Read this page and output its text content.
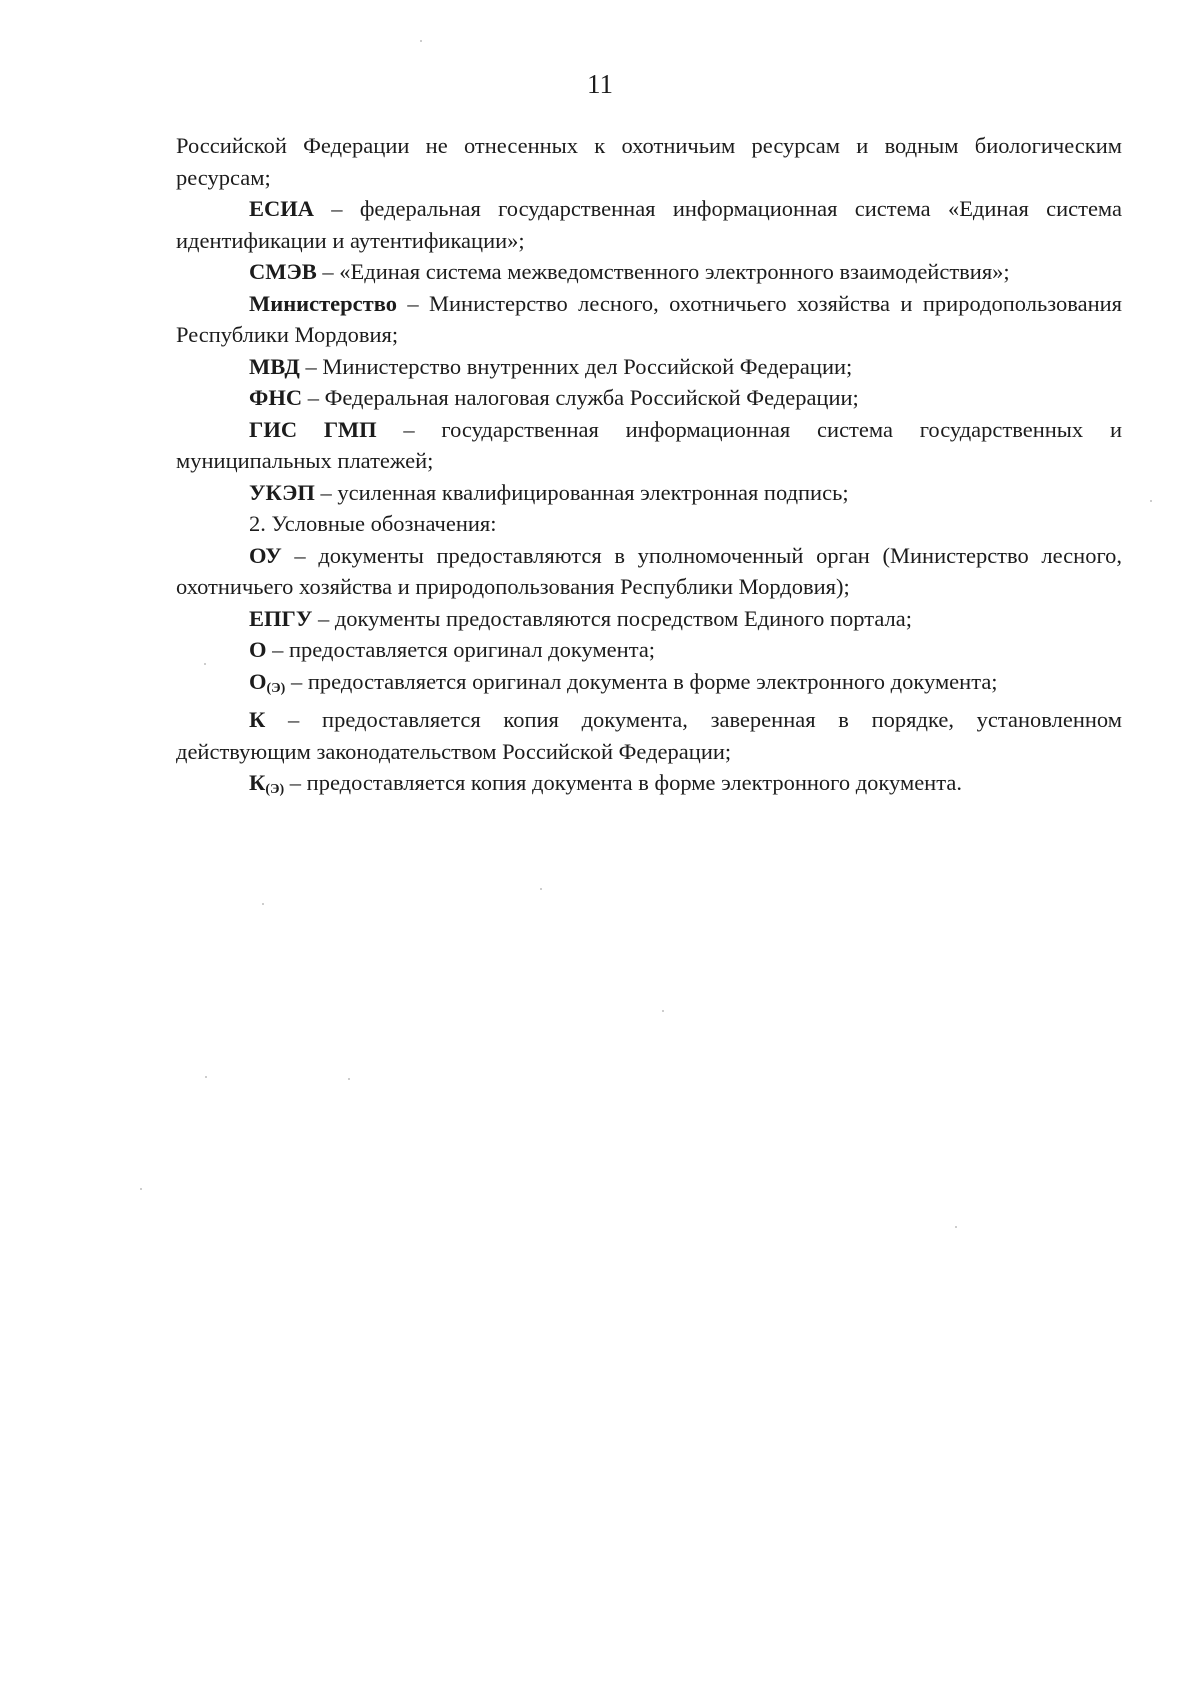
11

Российской Федерации не отнесенных к охотничьим ресурсам и водным биологическим ресурсам;

ЕСИА – федеральная государственная информационная система «Единая система идентификации и аутентификации»;

СМЭВ – «Единая система межведомственного электронного взаимодействия»;

Министерство – Министерство лесного, охотничьего хозяйства и природопользования Республики Мордовия;

МВД – Министерство внутренних дел Российской Федерации;

ФНС – Федеральная налоговая служба Российской Федерации;

ГИС ГМП – государственная информационная система государственных и муниципальных платежей;

УКЭП – усиленная квалифицированная электронная подпись;

2. Условные обозначения:

ОУ – документы предоставляются в уполномоченный орган (Министерство лесного, охотничьего хозяйства и природопользования Республики Мордовия);

ЕПГУ – документы предоставляются посредством Единого портала;

О – предоставляется оригинал документа;

$О_{(Э)}$ – предоставляется оригинал документа в форме электронного документа;

К – предоставляется копия документа, заверенная в порядке, установленном действующим законодательством Российской Федерации;

$К_{(Э)}$ – предоставляется копия документа в форме электронного документа.
